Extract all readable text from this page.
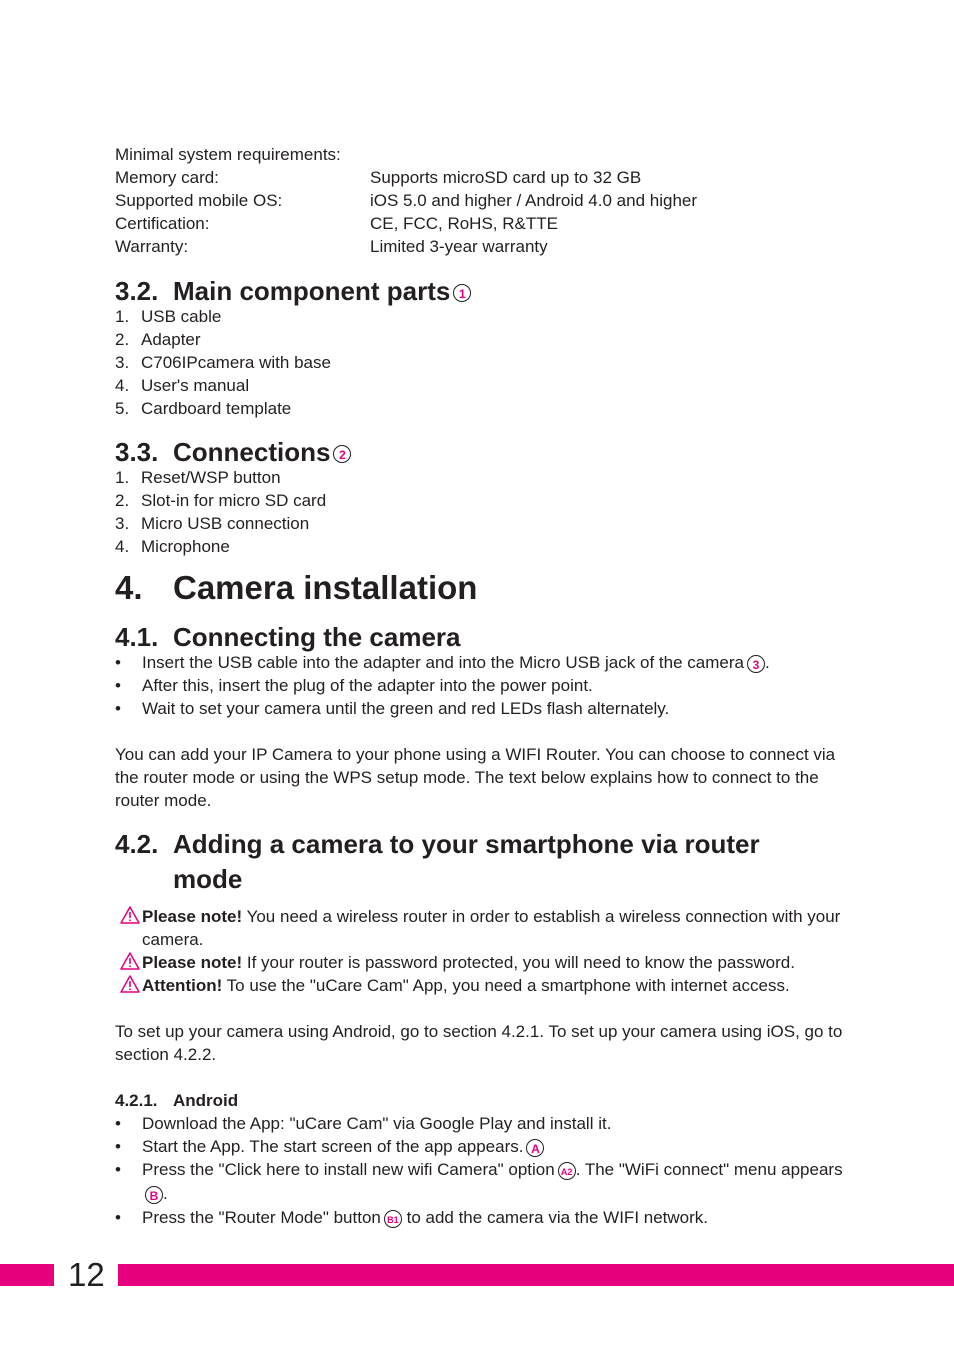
Minimal system requirements:
Memory card:	Supports microSD card up to 32 GB
Supported mobile OS:	iOS 5.0 and higher / Android 4.0 and higher
Certification:	CE, FCC, RoHS, R&TTE
Warranty:	Limited 3-year warranty
3.2. Main component parts 1
1. USB cable
2. Adapter
3. C706IPcamera with base
4. User's manual
5. Cardboard template
3.3. Connections 2
1. Reset/WSP button
2. Slot-in for micro SD card
3. Micro USB connection
4. Microphone
4. Camera installation
4.1. Connecting the camera
•	Insert the USB cable into the adapter and into the Micro USB jack of the camera 3 .
•	After this, insert the plug of the adapter into the power point.
•	Wait to set your camera until the green and red LEDs flash alternately.
You can add your IP Camera to your phone using a WIFI Router. You can choose to connect via the router mode or using the WPS setup mode. The text below explains how to connect to the router mode.
4.2. Adding a camera to your smartphone via router
mode
Please note! You need a wireless router in order to establish a wireless connection with your camera.
Please note! If your router is password protected, you will need to know the password.
Attention! To use the "uCare Cam" App, you need a smartphone with internet access.
To set up your camera using Android, go to section 4.2.1. To set up your camera using iOS, go to section 4.2.2.
4.2.1. Android
•	Download the App: "uCare Cam" via Google Play and install it.
•	Start the App. The start screen of the app appears. A
•	Press the "Click here to install new wifi Camera" option A2 . The "WiFi connect" menu appearsB .
•	Press the "Router Mode" button B1 to add the camera via the WIFI network.
12
